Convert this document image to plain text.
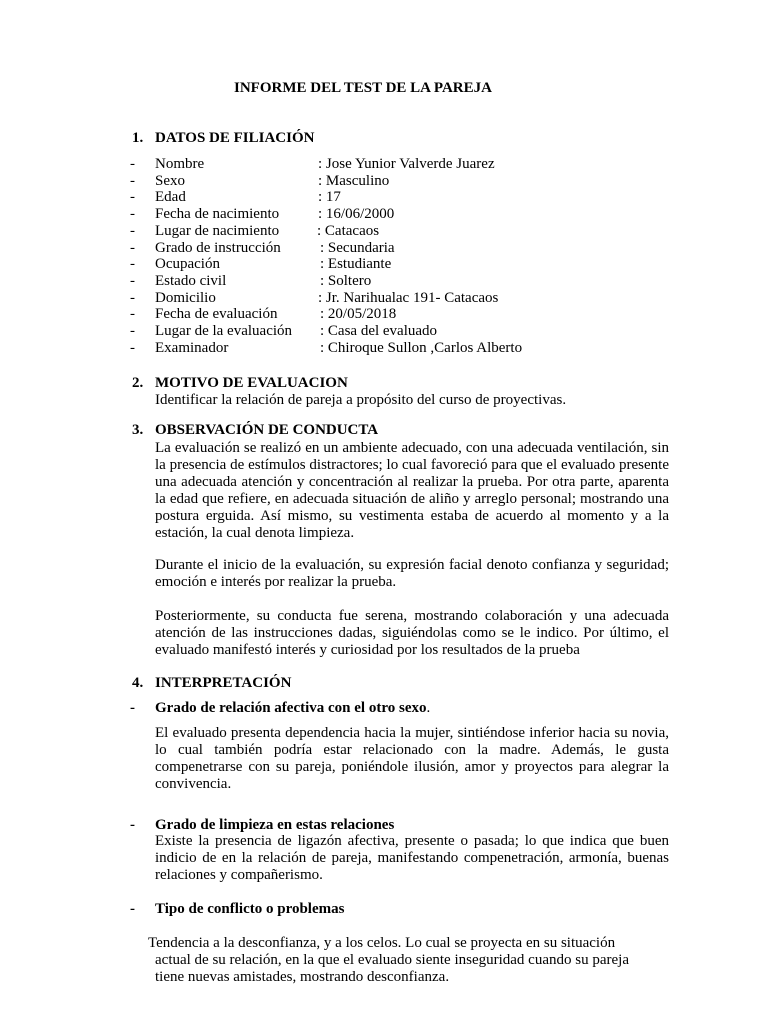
INFORME DEL TEST DE LA PAREJA
1. DATOS DE FILIACIÓN
- Nombre	: Jose Yunior Valverde Juarez
- Sexo	: Masculino
- Edad	: 17
- Fecha de nacimiento	: 16/06/2000
- Lugar de nacimiento	: Catacaos
- Grado de instrucción	: Secundaria
- Ocupación	: Estudiante
- Estado civil	: Soltero
- Domicilio	: Jr. Narihualac 191- Catacaos
- Fecha de evaluación	: 20/05/2018
- Lugar de la evaluación : Casa del evaluado
- Examinador	: Chiroque Sullon ,Carlos Alberto
2. MOTIVO DE EVALUACION

Identificar la relación de pareja a propósito del curso de proyectivas.

3. OBSERVACIÓN DE CONDUCTA

La evaluación se realizó en un ambiente adecuado, con una adecuada ventilación, sin la presencia de estímulos distractores; lo cual favoreció para que el evaluado presente una adecuada atención y concentración al realizar la prueba. Por otra parte, aparenta la edad que refiere, en adecuada situación de aliño y arreglo personal; mostrando una postura erguida. Así mismo, su vestimenta estaba de acuerdo al momento y a la estación, la cual denota limpieza.

Durante el inicio de la evaluación, su expresión facial denoto confianza y seguridad; emoción e interés por realizar la prueba.

Posteriormente, su conducta fue serena, mostrando colaboración y una adecuada atención de las instrucciones dadas, siguiéndolas como se le indico. Por último, el evaluado manifestó interés y curiosidad por los resultados de la prueba

4. INTERPRETACIÓN
- Grado de relación afectiva con el otro sexo.

El evaluado presenta dependencia hacia la mujer, sintiéndose inferior hacia su novia, lo cual también podría estar relacionado con la madre. Además, le gusta compenetrarse con su pareja, poniéndole ilusión, amor y proyectos para alegrar la convivencia.

- Grado de limpieza en estas relaciones

Existe la presencia de ligazón afectiva, presente o pasada; lo que indica que buen indicio de en la relación de pareja, manifestando compenetración, armonía, buenas relaciones y compañerismo.

- Tipo de conflicto o problemas
Tendencia a la desconfianza, y a los celos. Lo cual se proyecta en su situación
actual de su relación, en la que el evaluado siente inseguridad cuando su pareja
tiene nuevas amistades, mostrando desconfianza.
